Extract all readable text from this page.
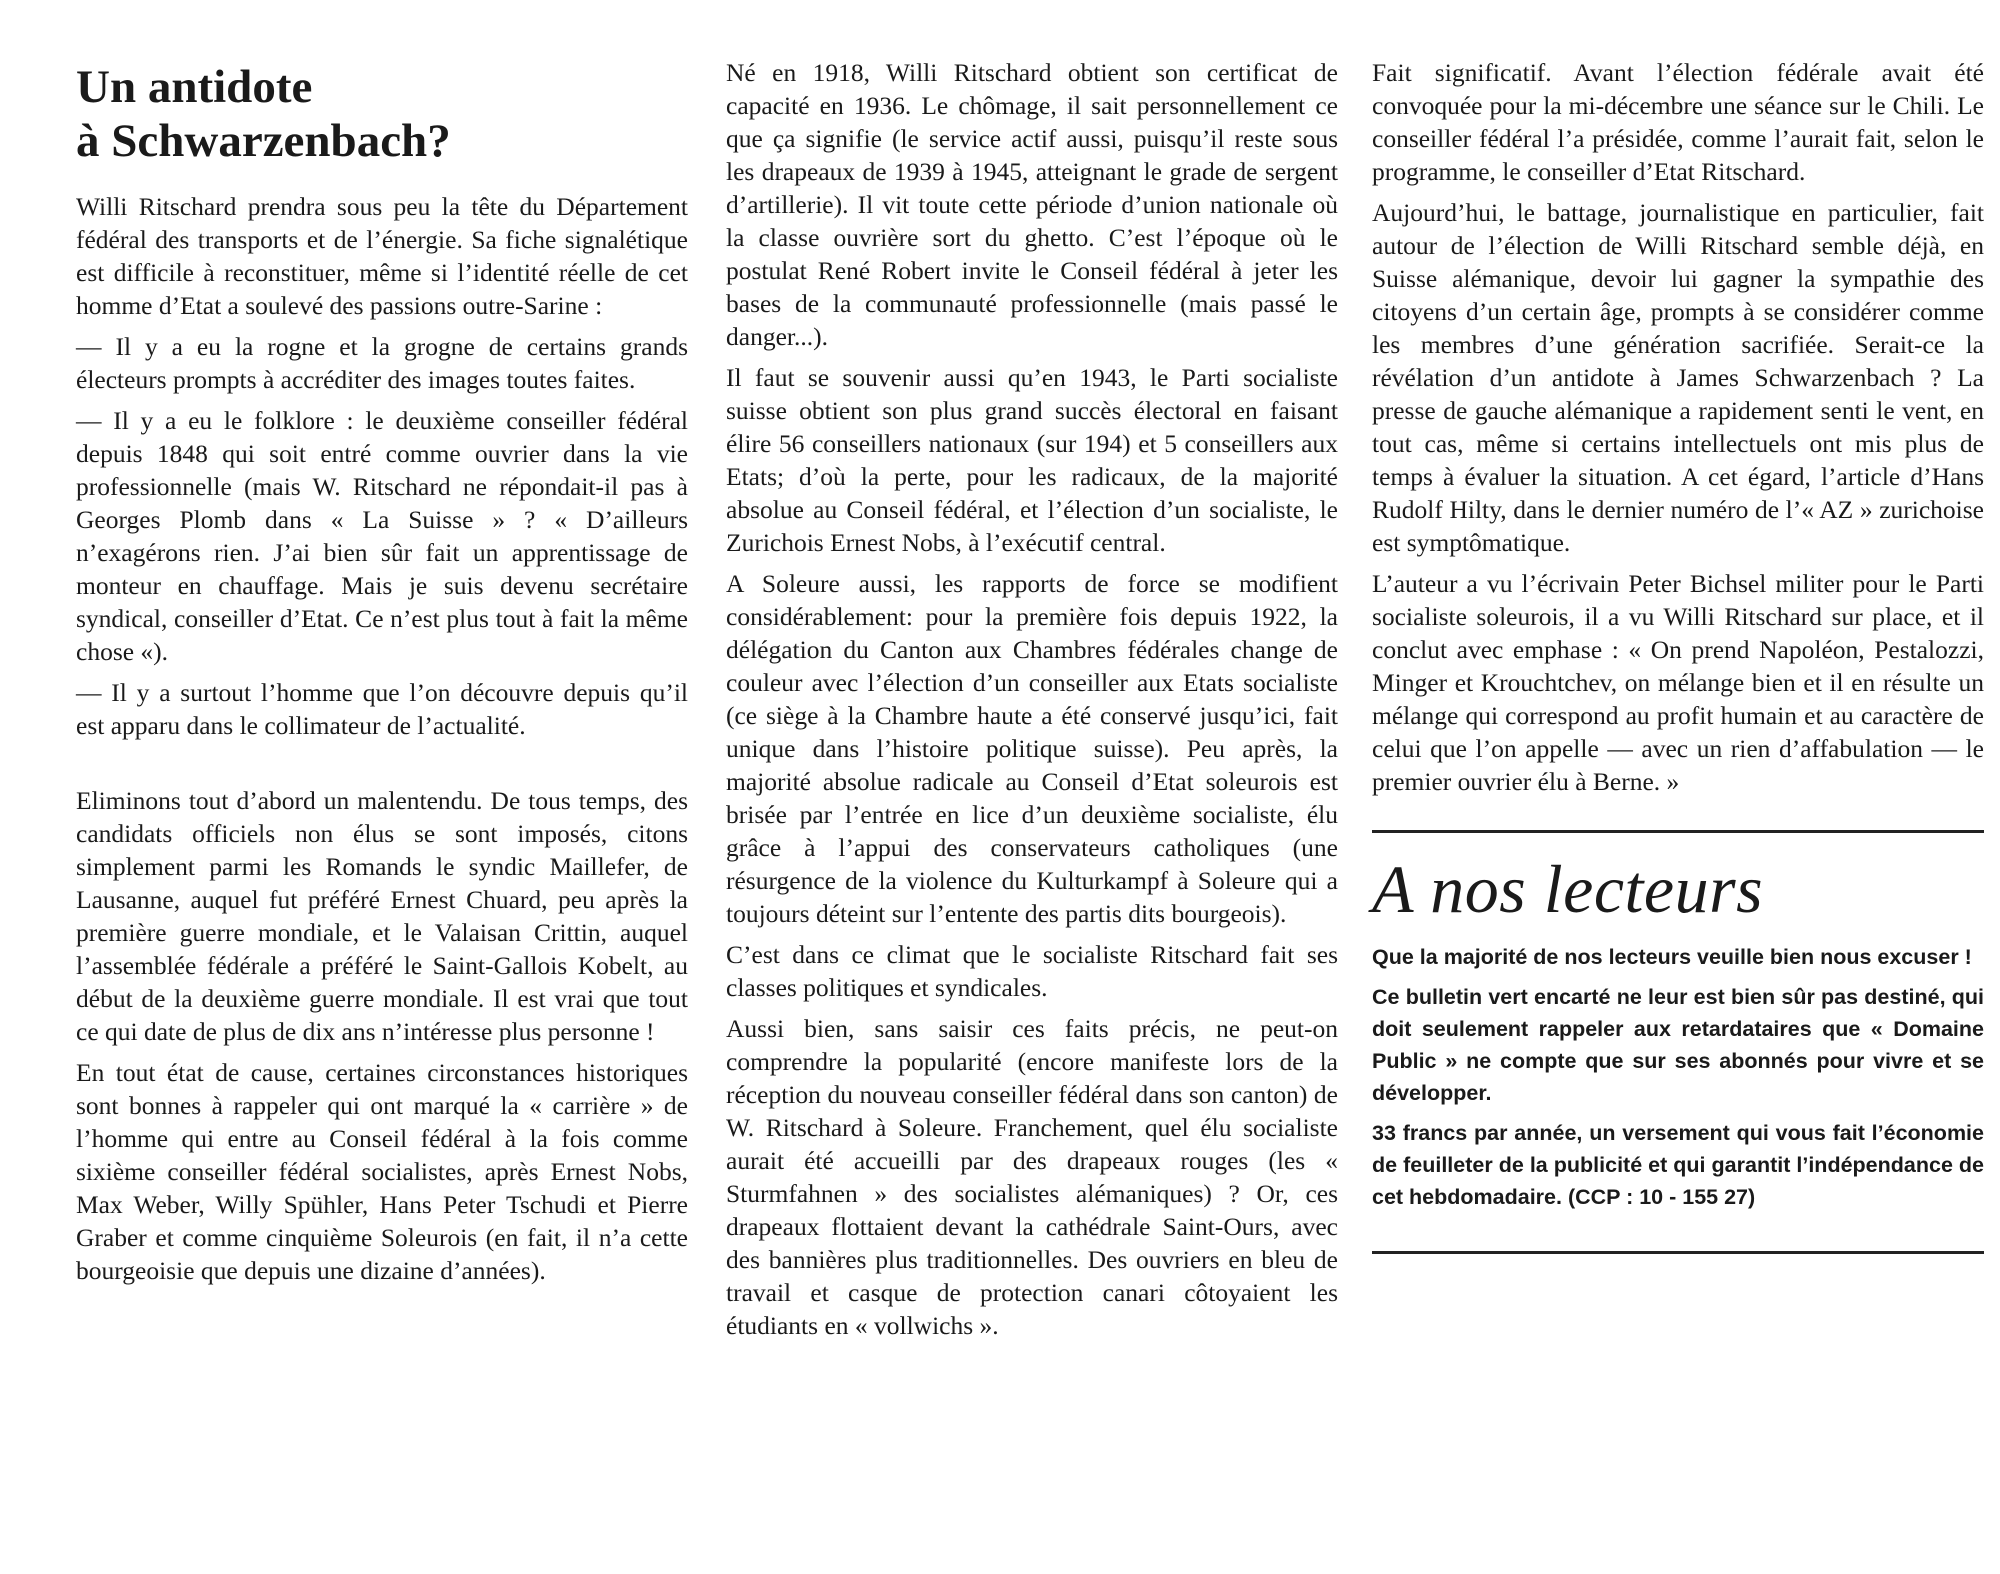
Un antidote
à Schwarzenbach?

Willi Ritschard prendra sous peu la tête du Département fédéral des transports et de l’énergie. Sa fiche signalétique est difficile à reconstituer, même si l’identité réelle de cet homme d’Etat a soulevé des passions outre-Sarine :

— Il y a eu la rogne et la grogne de certains grands électeurs prompts à accréditer des images toutes faites.

— Il y a eu le folklore : le deuxième conseiller fédéral depuis 1848 qui soit entré comme ouvrier dans la vie professionnelle (mais W. Ritschard ne répondait-il pas à Georges Plomb dans « La Suisse » ? « D’ailleurs n’exagérons rien. J’ai bien sûr fait un apprentissage de monteur en chauffage. Mais je suis devenu secrétaire syndical, conseiller d’Etat. Ce n’est plus tout à fait la même chose «).

— Il y a surtout l’homme que l’on découvre depuis qu’il est apparu dans le collimateur de l’actualité.

Eliminons tout d’abord un malentendu. De tous temps, des candidats officiels non élus se sont imposés, citons simplement parmi les Romands le syndic Maillefer, de Lausanne, auquel fut préféré Ernest Chuard, peu après la première guerre mondiale, et le Valaisan Crittin, auquel l’assemblée fédérale a préféré le Saint-Gallois Kobelt, au début de la deuxième guerre mondiale. Il est vrai que tout ce qui date de plus de dix ans n’intéresse plus personne !

En tout état de cause, certaines circonstances historiques sont bonnes à rappeler qui ont marqué la « carrière » de l’homme qui entre au Conseil fédéral à la fois comme sixième conseiller fédéral socialistes, après Ernest Nobs, Max Weber, Willy Spühler, Hans Peter Tschudi et Pierre Graber et comme cinquième Soleurois (en fait, il n’a cette bourgeoisie que depuis une dizaine d’années).

Né en 1918, Willi Ritschard obtient son certificat de capacité en 1936. Le chômage, il sait personnellement ce que ça signifie (le service actif aussi, puisqu’il reste sous les drapeaux de 1939 à 1945, atteignant le grade de sergent d’artillerie). Il vit toute cette période d’union nationale où la classe ouvrière sort du ghetto. C’est l’époque où le postulat René Robert invite le Conseil fédéral à jeter les bases de la communauté professionnelle (mais passé le danger...).

Il faut se souvenir aussi qu’en 1943, le Parti socialiste suisse obtient son plus grand succès électoral en faisant élire 56 conseillers nationaux (sur 194) et 5 conseillers aux Etats; d’où la perte, pour les radicaux, de la majorité absolue au Conseil fédéral, et l’élection d’un socialiste, le Zurichois Ernest Nobs, à l’exécutif central.

A Soleure aussi, les rapports de force se modifient considérablement: pour la première fois depuis 1922, la délégation du Canton aux Chambres fédérales change de couleur avec l’élection d’un conseiller aux Etats socialiste (ce siège à la Chambre haute a été conservé jusqu’ici, fait unique dans l’histoire politique suisse). Peu après, la majorité absolue radicale au Conseil d’Etat soleurois est brisée par l’entrée en lice d’un deuxième socialiste, élu grâce à l’appui des conservateurs catholiques (une résurgence de la violence du Kulturkampf à Soleure qui a toujours déteint sur l’entente des partis dits bourgeois).

C’est dans ce climat que le socialiste Ritschard fait ses classes politiques et syndicales.

Aussi bien, sans saisir ces faits précis, ne peut-on comprendre la popularité (encore manifeste lors de la réception du nouveau conseiller fédéral dans son canton) de W. Ritschard à Soleure. Franchement, quel élu socialiste aurait été accueilli par des drapeaux rouges (les « Sturmfahnen » des socialistes alémaniques) ? Or, ces drapeaux flottaient devant la cathédrale Saint-Ours, avec des bannières plus traditionnelles. Des ouvriers en bleu de travail et casque de protection canari côtoyaient les étudiants en « vollwichs ».

Fait significatif. Avant l’élection fédérale avait été convoquée pour la mi-décembre une séance sur le Chili. Le conseiller fédéral l’a présidée, comme l’aurait fait, selon le programme, le conseiller d’Etat Ritschard.

Aujourd’hui, le battage, journalistique en particulier, fait autour de l’élection de Willi Ritschard semble déjà, en Suisse alémanique, devoir lui gagner la sympathie des citoyens d’un certain âge, prompts à se considérer comme les membres d’une génération sacrifiée. Serait-ce la révélation d’un antidote à James Schwarzenbach ? La presse de gauche alémanique a rapidement senti le vent, en tout cas, même si certains intellectuels ont mis plus de temps à évaluer la situation. A cet égard, l’article d’Hans Rudolf Hilty, dans le dernier numéro de l’« AZ » zurichoise est symptômatique.

L’auteur a vu l’écrivain Peter Bichsel militer pour le Parti socialiste soleurois, il a vu Willi Ritschard sur place, et il conclut avec emphase : « On prend Napoléon, Pestalozzi, Minger et Krouchtchev, on mélange bien et il en résulte un mélange qui correspond au profit humain et au caractère de celui que l’on appelle — avec un rien d’affabulation — le premier ouvrier élu à Berne. »

A nos lecteurs

Que la majorité de nos lecteurs veuille bien nous excuser !

Ce bulletin vert encarté ne leur est bien sûr pas destiné, qui doit seulement rappeler aux retardataires que « Domaine Public » ne compte que sur ses abonnés pour vivre et se développer.

33 francs par année, un versement qui vous fait l’économie de feuilleter de la publicité et qui garantit l’indépendance de cet hebdomadaire. (CCP : 10 - 155 27)
